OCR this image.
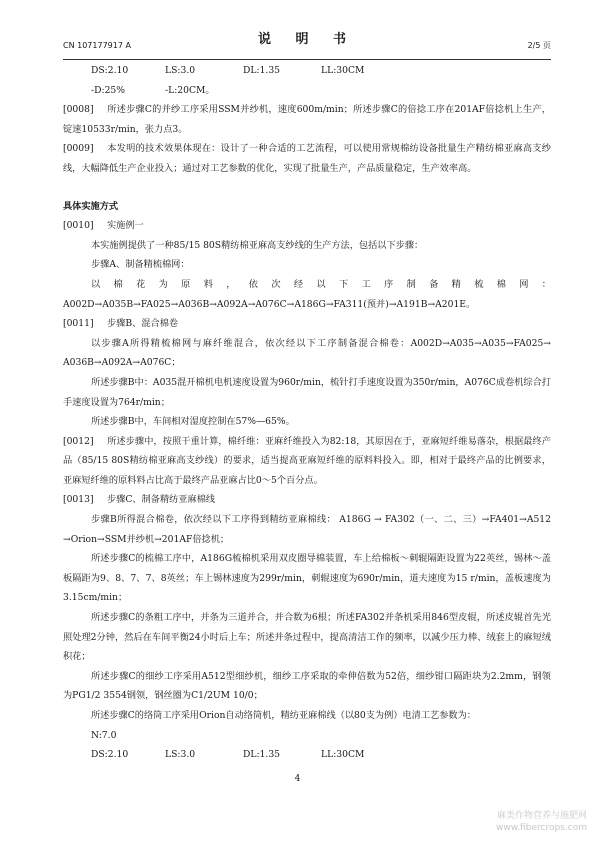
CN 107177917 A	说 明 书	2/5 页
DS:2.10	LS:3.0	DL:1.35	LL:30CM
-D:25%	-L:20CM。

[0008] 所述步骤C的并纱工序采用SSM并纱机，速度600m/min；所述步骤C的倍捻工序在201AF倍捻机上生产，锭速10533r/min，张力点3。

[0009] 本发明的技术效果体现在：设计了一种合适的工艺流程，可以使用常规棉纺设备批量生产精纺棉亚麻高支纱线，大幅降低生产企业投入；通过对工艺参数的优化，实现了批量生产，产品质量稳定，生产效率高。

具体实施方式

[0010] 实施例一

本实施例提供了一种85/15 80S精纺棉亚麻高支纱线的生产方法，包括以下步骤：

步骤A、制备精梳棉网：

以棉花为原料，依次经以下工序制备精梳棉网：A002D→A035B→FA025→A036B→A092A→A076C→A186G→FA311(预并)→A191B→A201E。

[0011] 步骤B、混合棉卷

以步骤A所得精梳棉网与麻纤维混合，依次经以下工序制备混合棉卷：A002D→A035→A035→FA025→ A036B→A092A→A076C；

所述步骤B中：A035混开棉机电机速度设置为960r/min，梳针打手速度设置为350r/min，A076C成卷机综合打手速度设置为764r/min；

所述步骤B中，车间相对湿度控制在57%—65%。

[0012] 所述步骤中，按照干重计算，棉纤维：亚麻纤维投入为82:18，其原因在于，亚麻短纤维易落杂，根据最终产品（85/15 80S精纺棉亚麻高支纱线）的要求，适当提高亚麻短纤维的原料料投入。即，相对于最终产品的比例要求，亚麻短纤维的原料料占比高于最终产品亚麻占比0～5个百分点。

[0013] 步骤C、制备精纺亚麻棉线

步骤B所得混合棉卷，依次经以下工序得到精纺亚麻棉线： A186G → FA302（一、二、三）→FA401→A512 →Orion→SSM并纱机→201AF倍捻机；

所述步骤C的梳棉工序中，A186G梳棉机采用双皮圈导棉装置，车上给棉板～刺辊隔距设置为22英丝，锡林～盖板隔距为9、8、7、7、8英丝；车上锡林速度为299r/min，刺辊速度为690r/min，道夫速度为15 r/min，盖板速度为3.15cm/min；

所述步骤C的条粗工序中，并条为三道并合，并合数为6根；所述FA302并条机采用846型皮辊，所述皮辊首先光照处理2分钟，然后在车间平衡24小时后上车；所述并条过程中，提高清洁工作的频率，以减少压力棒、绒套上的麻短绒积花；

所述步骤C的细纱工序采用A512型细纱机，细纱工序采取的牵伸倍数为52倍，细纱钳口隔距块为2.2mm，钢领为PG1/2 3554钢领，钢丝圈为C1/2UM 10/0；

所述步骤C的络筒工序采用Orion自动络筒机，精纺亚麻棉线（以80支为例）电清工艺参数为：

N:7.0
DS:2.10	LS:3.0	DL:1.35	LL:30CM
4
麻类作物营养与施肥网
www.fibercrops.com
